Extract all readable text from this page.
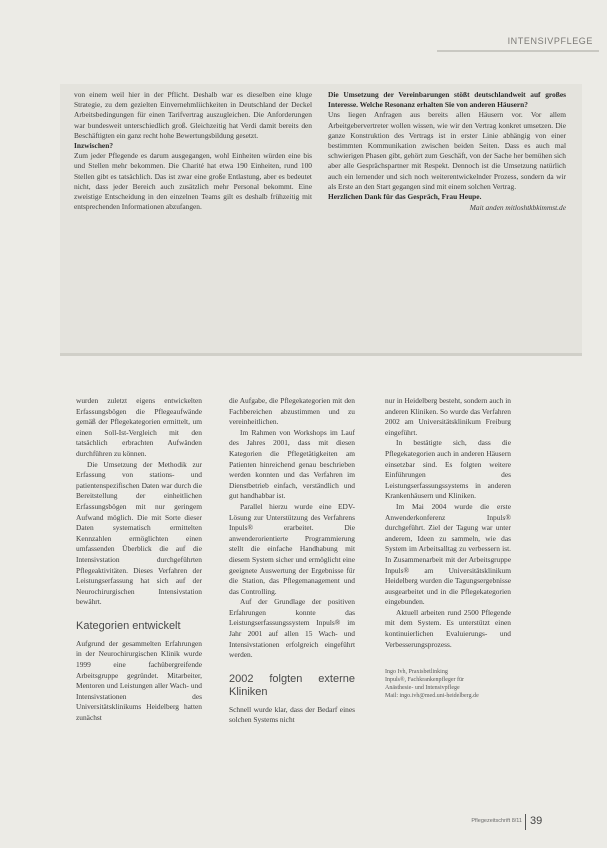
INTENSIVPFLEGE

von einem weil hier in der Pflicht. Deshalb war es dieselben eine kluge Strategie, zu dem gezielten Einvernehmliichkeiten in Deutschland der Deckel Arbeitsbedingungen für einen Tarifvertrag auszugleichen. Die Anforderungen war bundesweit unterschiedlich groß. Gleichzeitig hat Verdi damit bereits den Beschäftigten ein ganz recht hohe Bewertungsbildung gesetzt.

Inzwischen?

Zum jeder Pflegende es darum ausgegangen, wohl Einheiten würden eine bis und Stellen mehr bekommen. Die Charité hat etwa 190 Einheiten, rund 100 Stellen gibt es tatsächlich. Das ist zwar eine große Entlastung, aber es bedeutet nicht, dass jeder Bereich auch zusätzlich mehr Personal bekommt. Eine zweistige Entscheidung in den einzelnen Teams gilt es deshalb frühzeitig mit entsprechenden Informationen abzufangen.

Die Umsetzung der Vereinbarungen stößt deutschlandweit auf großes Interesse. Welche Resonanz erhalten Sie von anderen Häusern?

Uns liegen Anfragen aus bereits allen Häusern vor. Vor allem Arbeitgebervertreter wollen wissen, wie wir den Vertrag konkret umsetzen. Die ganze Konstruktion des Vertrags ist in erster Linie abhängig von einer bestimmten Kommunikation zwischen beiden Seiten. Dass es auch mal schwierigen Phasen gibt, gehört zum Geschäft, von der Sache her bemühen sich aber alle Gesprächspartner mit Respekt. Dennoch ist die Umsetzung natürlich auch ein lernender und sich noch weiterentwickelnder Prozess, sondern da wir als Erste an den Start gegangen sind mit einem solchen Vertrag.

Herzlichen Dank für das Gespräch, Frau Heupe.

Mait anden mitloshtkbkimmst.de

wurden zuletzt eigens entwickelten Erfassungsbögen die Pflegeaufwände gemäß der Pflegekategorien ermittelt, um einen Soll-Ist-Vergleich mit den tatsächlich erbrachten Aufwänden durchführen zu können.

Die Umsetzung der Methodik zur Erfassung von stations- und patientenspezifischen Daten war durch die Bereitstellung der einheitlichen Erfassungsbögen mit nur geringem Aufwand möglich. Die mit Sorte dieser Daten systematisch ermittelten Kennzahlen ermöglichten einen umfassenden Überblick die auf die Intensivstation durchgeführten Pflegeaktivitäten. Dieses Verfahren der Leistungserfassung hat sich auf der Neurochirurgischen Intensivstation bewährt.

Kategorien entwickelt

Aufgrund der gesammelten Erfahrungen in der Neurochirurgischen Klinik wurde 1999 eine fachübergreifende Arbeitsgruppe gegründet. Mitarbeiter, Mentoren und Leistungen aller Wach- und Intensivstationen des Universitätsklinikums Heidelberg hatten zunächst

die Aufgabe, die Pflegekategorien mit den Fachbereichen abzustimmen und zu vereinheitlichen.

Im Rahmen von Workshops im Lauf des Jahres 2001, dass mit diesen Kategorien die Pflegetätigkeiten am Patienten hinreichend genau beschrieben werden konnten und das Verfahren im Dienstbetrieb einfach, verständlich und gut handhabbar ist.

Parallel hierzu wurde eine EDV-Lösung zur Unterstützung des Verfahrens Inpuls® erarbeitet. Die anwenderorientierte Programmierung stellt die einfache Handhabung mit diesem System sicher und ermöglicht eine geeignete Auswertung der Ergebnisse für die Station, das Pflegemanagement und das Controlling.

Auf der Grundlage der positiven Erfahrungen konnte das Leistungserfassungssystem Inpuls® im Jahr 2001 auf allen 15 Wach- und Intensivstationen erfolgreich eingeführt werden.

2002 folgten externe Kliniken

Schnell wurde klar, dass der Bedarf eines solchen Systems nicht

nur in Heidelberg besteht, sondern auch in anderen Kliniken. So wurde das Verfahren 2002 am Universitätsklinikum Freiburg eingeführt.

In bestätigte sich, dass die Pflegekategorien auch in anderen Häusern einsetzbar sind. Es folgten weitere Einführungen des Leistungserfassungssystems in anderen Krankenhäusern und Kliniken.

Im Mai 2004 wurde die erste Anwenderkonferenz Inpuls® durchgeführt. Ziel der Tagung war unter anderem, Ideen zu sammeln, wie das System im Arbeitsalltag zu verbessern ist. In Zusammenarbeit mit der Arbeitsgruppe Inpuls® am Universitätsklinikum Heidelberg wurden die Tagungsergebnisse ausgearbeitet und in die Pflegekategorien eingebunden.

Aktuell arbeiten rund 2500 Pflegende mit dem System. Es unterstützt einen kontinuierlichen Evaluierungs- und Verbesserungsprozess.

Ingo Ivh, Praxisbetlinking
Inpuls®, Fachkrankenpfleger für
Anästhesie- und Intensivpflege
Mail: ingo.ivh@med.uni-heidelberg.de
Pflegezeitschrift 8/11 39
